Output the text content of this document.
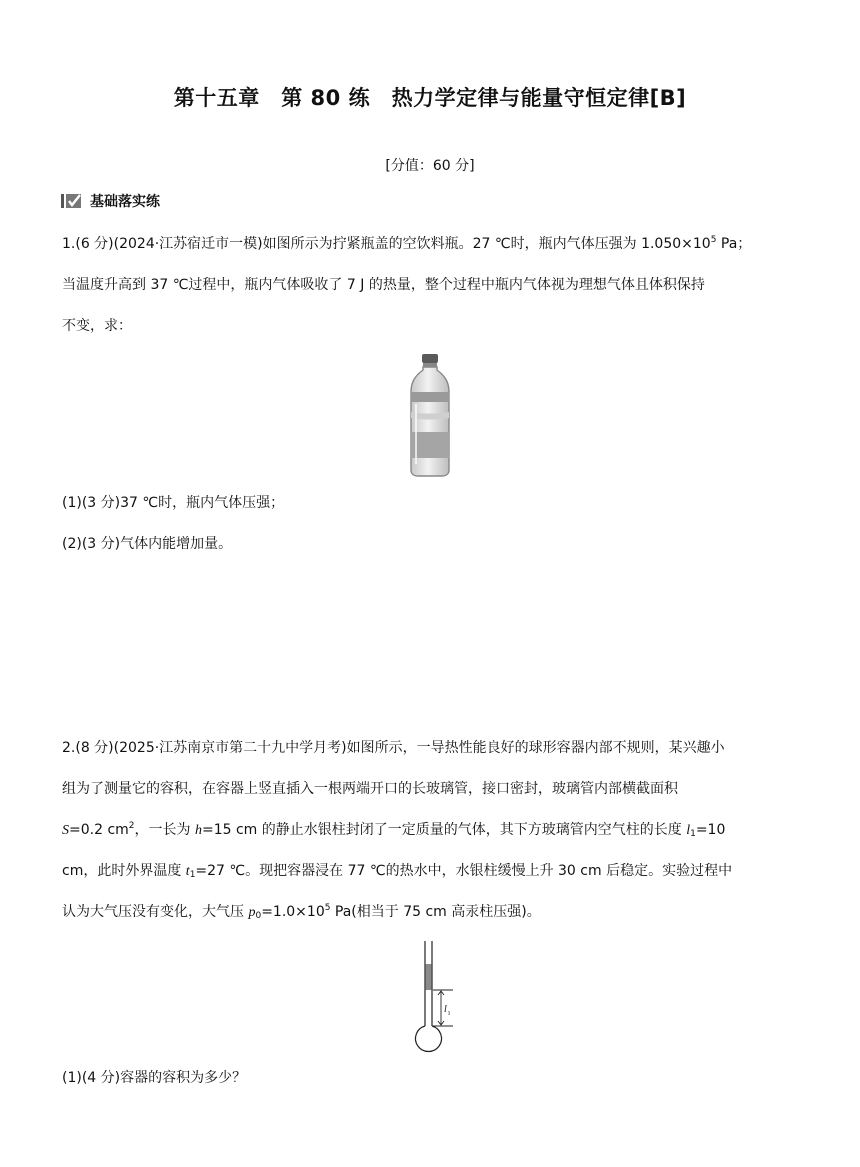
第十五章　第 80 练　热力学定律与能量守恒定律[B]
[分值：60 分]
基础落实练
1.(6 分)(2024·江苏宿迁市一模)如图所示为拧紧瓶盖的空饮料瓶。27 ℃时，瓶内气体压强为 $1.050\times 10^5$ Pa；
当温度升高到 37 ℃过程中，瓶内气体吸收了 7 J 的热量，整个过程中瓶内气体视为理想气体且体积保持
不变，求：
(1)(3 分)37 ℃时，瓶内气体压强；
(2)(3 分)气体内能增加量。
2.(8 分)(2025·江苏南京市第二十九中学月考)如图所示，一导热性能良好的球形容器内部不规则，某兴趣小
组为了测量它的容积，在容器上竖直插入一根两端开口的长玻璃管，接口密封，玻璃管内部横截面积
S=0.2 $cm^2$，一长为 h=15 cm 的静止水银柱封闭了一定质量的气体，其下方玻璃管内空气柱的长度 $l_1=10$
cm，此时外界温度 $t_1=27$ ℃。现把容器浸在 77 ℃的热水中，水银柱缓慢上升 30 cm 后稳定。实验过程中
认为大气压没有变化，大气压 $p_0=1.0\times 10^5$ Pa(相当于 75 cm 高汞柱压强)。
l 1
(1)(4 分)容器的容积为多少？
